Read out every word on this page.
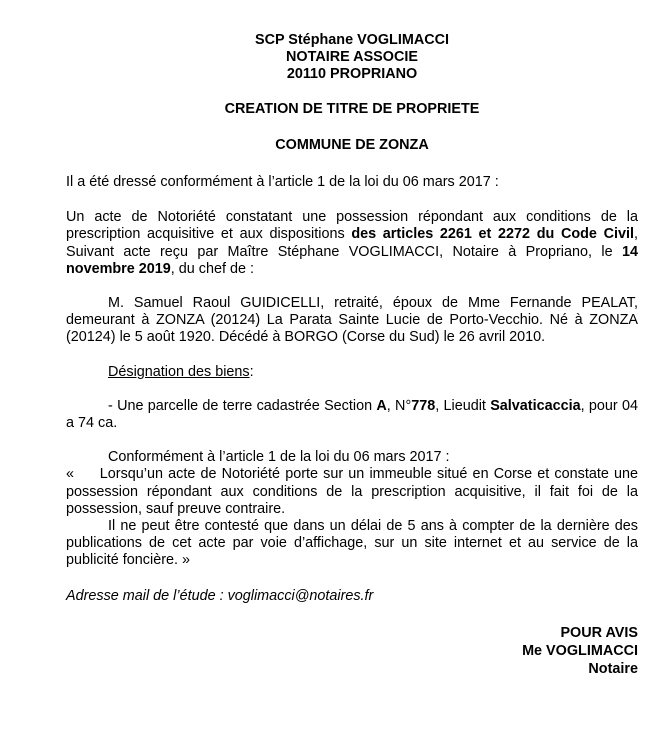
SCP Stéphane VOGLIMACCI
NOTAIRE ASSOCIE
20110 PROPRIANO
CREATION DE TITRE DE PROPRIETE
COMMUNE DE ZONZA

Il a été dressé conformément à l’article 1 de la loi du 06 mars 2017 :

Un acte de Notoriété constatant une possession répondant aux conditions de la prescription acquisitive et aux dispositions des articles 2261 et 2272 du Code Civil, Suivant acte reçu par Maître Stéphane VOGLIMACCI, Notaire à Propriano, le 14 novembre 2019, du chef de :

M. Samuel Raoul GUIDICELLI, retraité, époux de Mme Fernande PEALAT, demeurant à ZONZA (20124) La Parata Sainte Lucie de Porto-Vecchio. Né à ZONZA (20124) le 5 août 1920. Décédé à BORGO (Corse du Sud) le 26 avril 2010.

Désignation des biens:

- Une parcelle de terre cadastrée Section A, N°778, Lieudit Salvaticaccia, pour 04 a 74 ca.

Conformément à l’article 1 de la loi du 06 mars 2017 :

«     Lorsqu’un acte de Notoriété porte sur un immeuble situé en Corse et constate une possession répondant aux conditions de la prescription acquisitive, il fait foi de la possession, sauf preuve contraire.

Il ne peut être contesté que dans un délai de 5 ans à compter de la dernière des publications de cet acte par voie d’affichage, sur un site internet et au service de la publicité foncière. »

Adresse mail de l’étude : voglimacci@notaires.fr

POUR AVIS
Me VOGLIMACCI
Notaire
